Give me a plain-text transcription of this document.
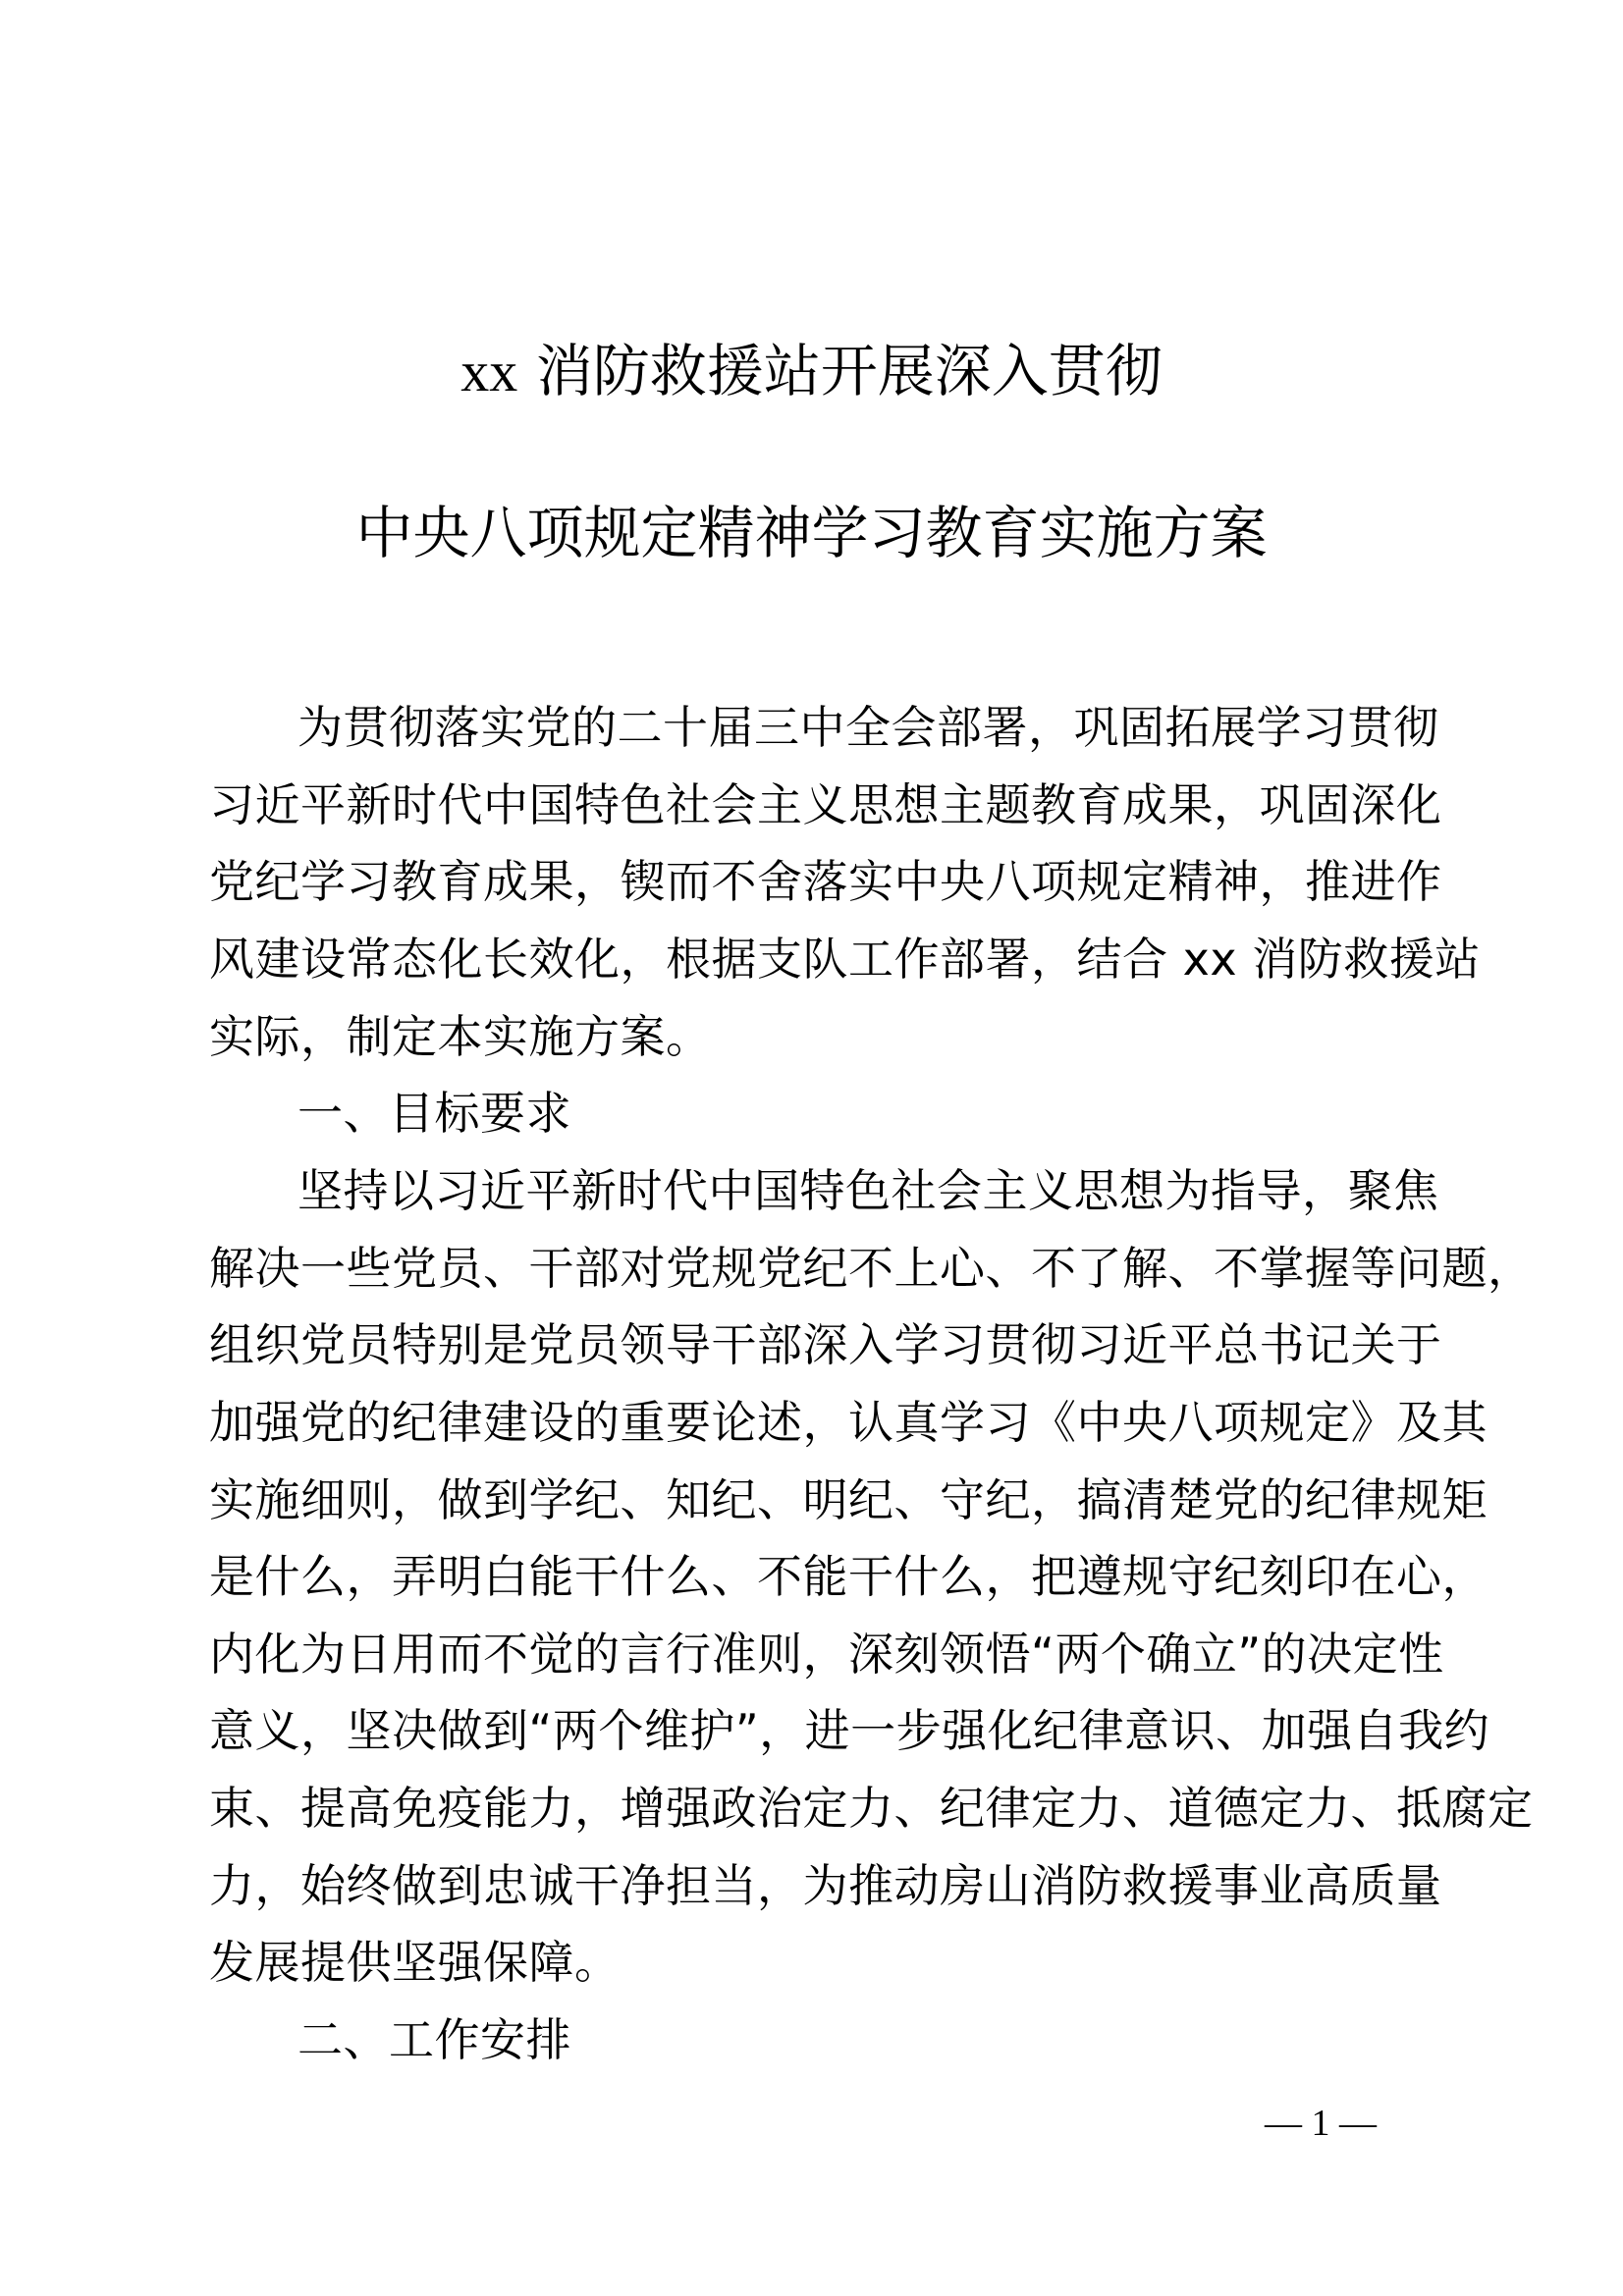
xx 消防救援站开展深入贯彻
中央八项规定精神学习教育实施方案
为贯彻落实党的二十届三中全会部署，巩固拓展学习贯彻
习近平新时代中国特色社会主义思想主题教育成果，巩固深化
党纪学习教育成果，锲而不舍落实中央八项规定精神，推进作
风建设常态化长效化，根据支队工作部署，结合 xx 消防救援站
实际，制定本实施方案。
一、目标要求
坚持以习近平新时代中国特色社会主义思想为指导，聚焦
解决一些党员、干部对党规党纪不上心、不了解、不掌握等问题，
组织党员特别是党员领导干部深入学习贯彻习近平总书记关于
加强党的纪律建设的重要论述，认真学习《中央八项规定》及其
实施细则，做到学纪、知纪、明纪、守纪，搞清楚党的纪律规矩
是什么，弄明白能干什么、不能干什么，把遵规守纪刻印在心，
内化为日用而不觉的言行准则，深刻领悟“两个确立”的决定性
意义，坚决做到“两个维护”，进一步强化纪律意识、加强自我约
束、提高免疫能力，增强政治定力、纪律定力、道德定力、抵腐定
力，始终做到忠诚干净担当，为推动房山消防救援事业高质量
发展提供坚强保障。
二、工作安排
— 1 —
